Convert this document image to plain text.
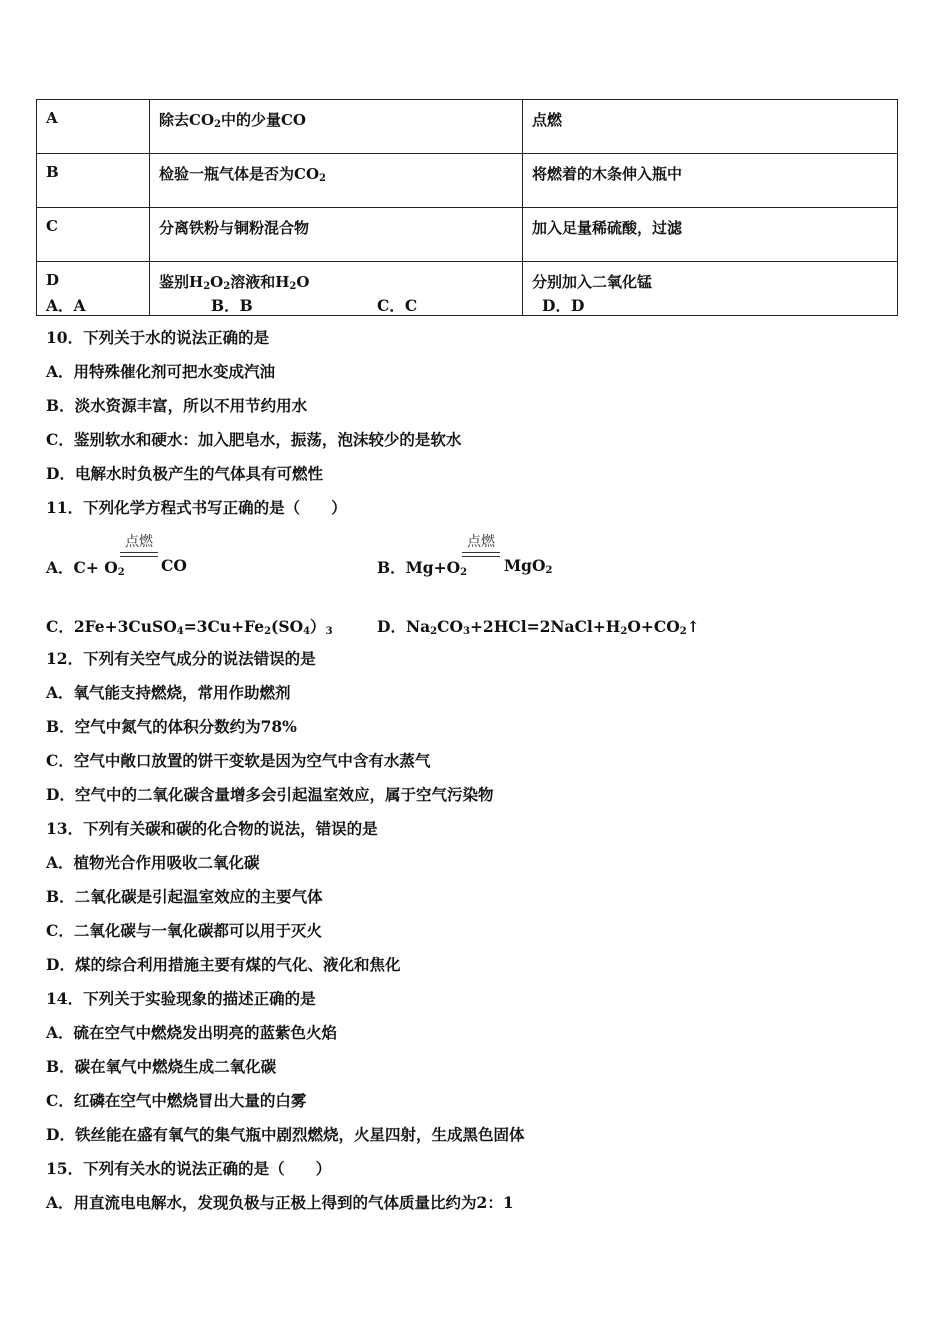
A	除去$CO_2$中的少量CO	点燃
B	检验一瓶气体是否为$CO_2$	将燃着的木条伸入瓶中
C	分离铁粉与铜粉混合物	加入足量稀硫酸，过滤
D	鉴别$H_2O_2$溶液和$H_2O$	分别加入二氧化锰
A．A	B．B	C．C	D．D
10．下列关于水的说法正确的是
A．用特殊催化剂可把水变成汽油
B．淡水资源丰富，所以不用节约用水
C．鉴别软水和硬水：加入肥皂水，振荡，泡沫较少的是软水
D．电解水时负极产生的气体具有可燃性
11．下列化学方程式书写正确的是（　　）
A．$C+ O_2$
点燃
CO	B．$Mg+O_2$
点燃
MgO$_2$
C．$2Fe+3CuSO_4=3Cu+Fe_2(SO_4)_3$	D．$Na_2CO_3+2HCl=2NaCl+H_2O+CO_2↑$
12．下列有关空气成分的说法错误的是
A．氧气能支持燃烧，常用作助燃剂
B．空气中氮气的体积分数约为78%
C．空气中敞口放置的饼干变软是因为空气中含有水蒸气
D．空气中的二氧化碳含量增多会引起温室效应，属于空气污染物
13．下列有关碳和碳的化合物的说法，错误的是
A．植物光合作用吸收二氧化碳
B．二氧化碳是引起温室效应的主要气体
C．二氧化碳与一氧化碳都可以用于灭火
D．煤的综合利用措施主要有煤的气化、液化和焦化
14．下列关于实验现象的描述正确的是
A．硫在空气中燃烧发出明亮的蓝紫色火焰
B．碳在氧气中燃烧生成二氧化碳
C．红磷在空气中燃烧冒出大量的白雾
D．铁丝能在盛有氧气的集气瓶中剧烈燃烧，火星四射，生成黑色固体
15．下列有关水的说法正确的是（　　）
A．用直流电电解水，发现负极与正极上得到的气体质量比约为2：1
